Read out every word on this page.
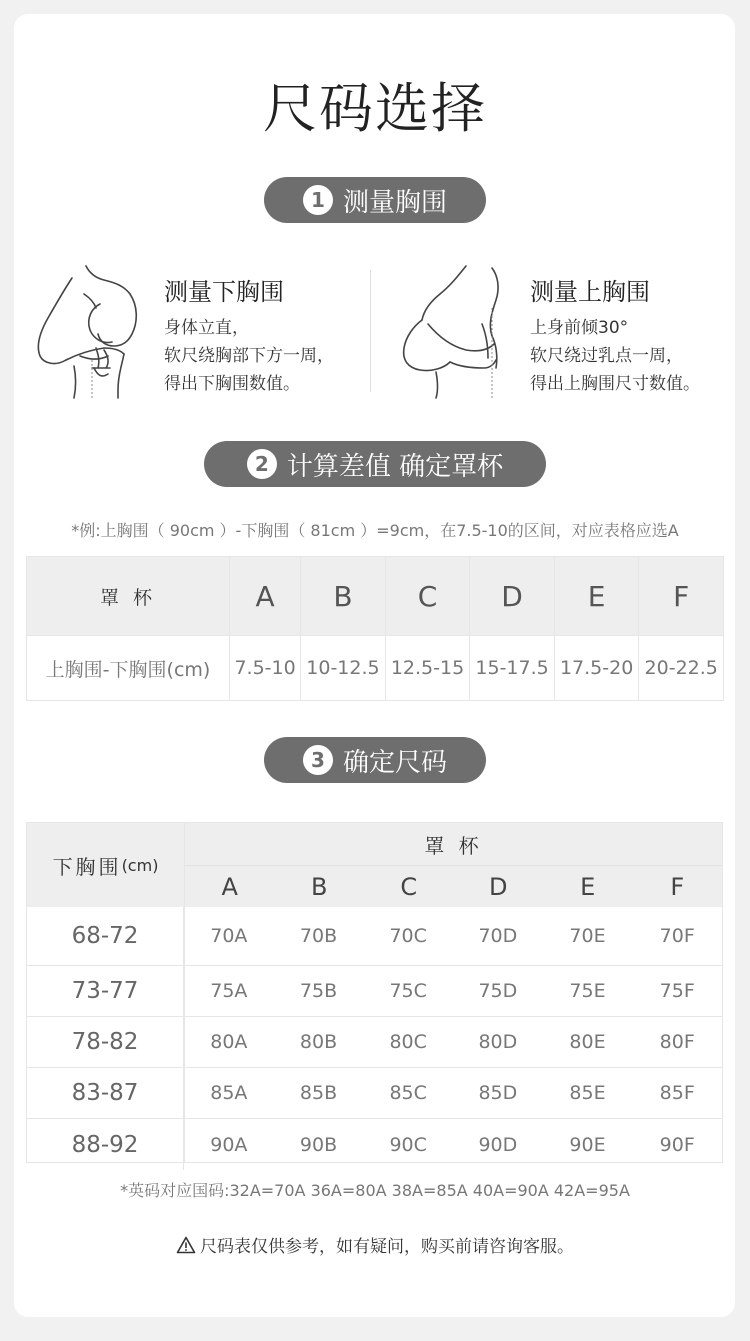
尺码选择
1 测量胸围
测量下胸围
身体立直，
软尺绕胸部下方一周，
得出下胸围数值。
测量上胸围
上身前倾30°
软尺绕过乳点一周，
得出上胸围尺寸数值。
2 计算差值 确定罩杯
*例:上胸围（ 90cm ）-下胸围（ 81cm ）=9cm，在7.5-10的区间，对应表格应选A
罩 杯	A	B	C	D	E	F
上胸围-下胸围(cm)	7.5-10	10-12.5	12.5-15	15-17.5	17.5-20	20-22.5
3 确定尺码
下胸围 (cm)
罩 杯
A	B	C	D	E	F
68-72	70A	70B	70C	70D	70E	70F
73-77	75A	75B	75C	75D	75E	75F
78-82	80A	80B	80C	80D	80E	80F
83-87	85A	85B	85C	85D	85E	85F
88-92	90A	90B	90C	90D	90E	90F
*英码对应国码:32A=70A 36A=80A 38A=85A 40A=90A 42A=95A
尺码表仅供参考，如有疑问，购买前请咨询客服。
